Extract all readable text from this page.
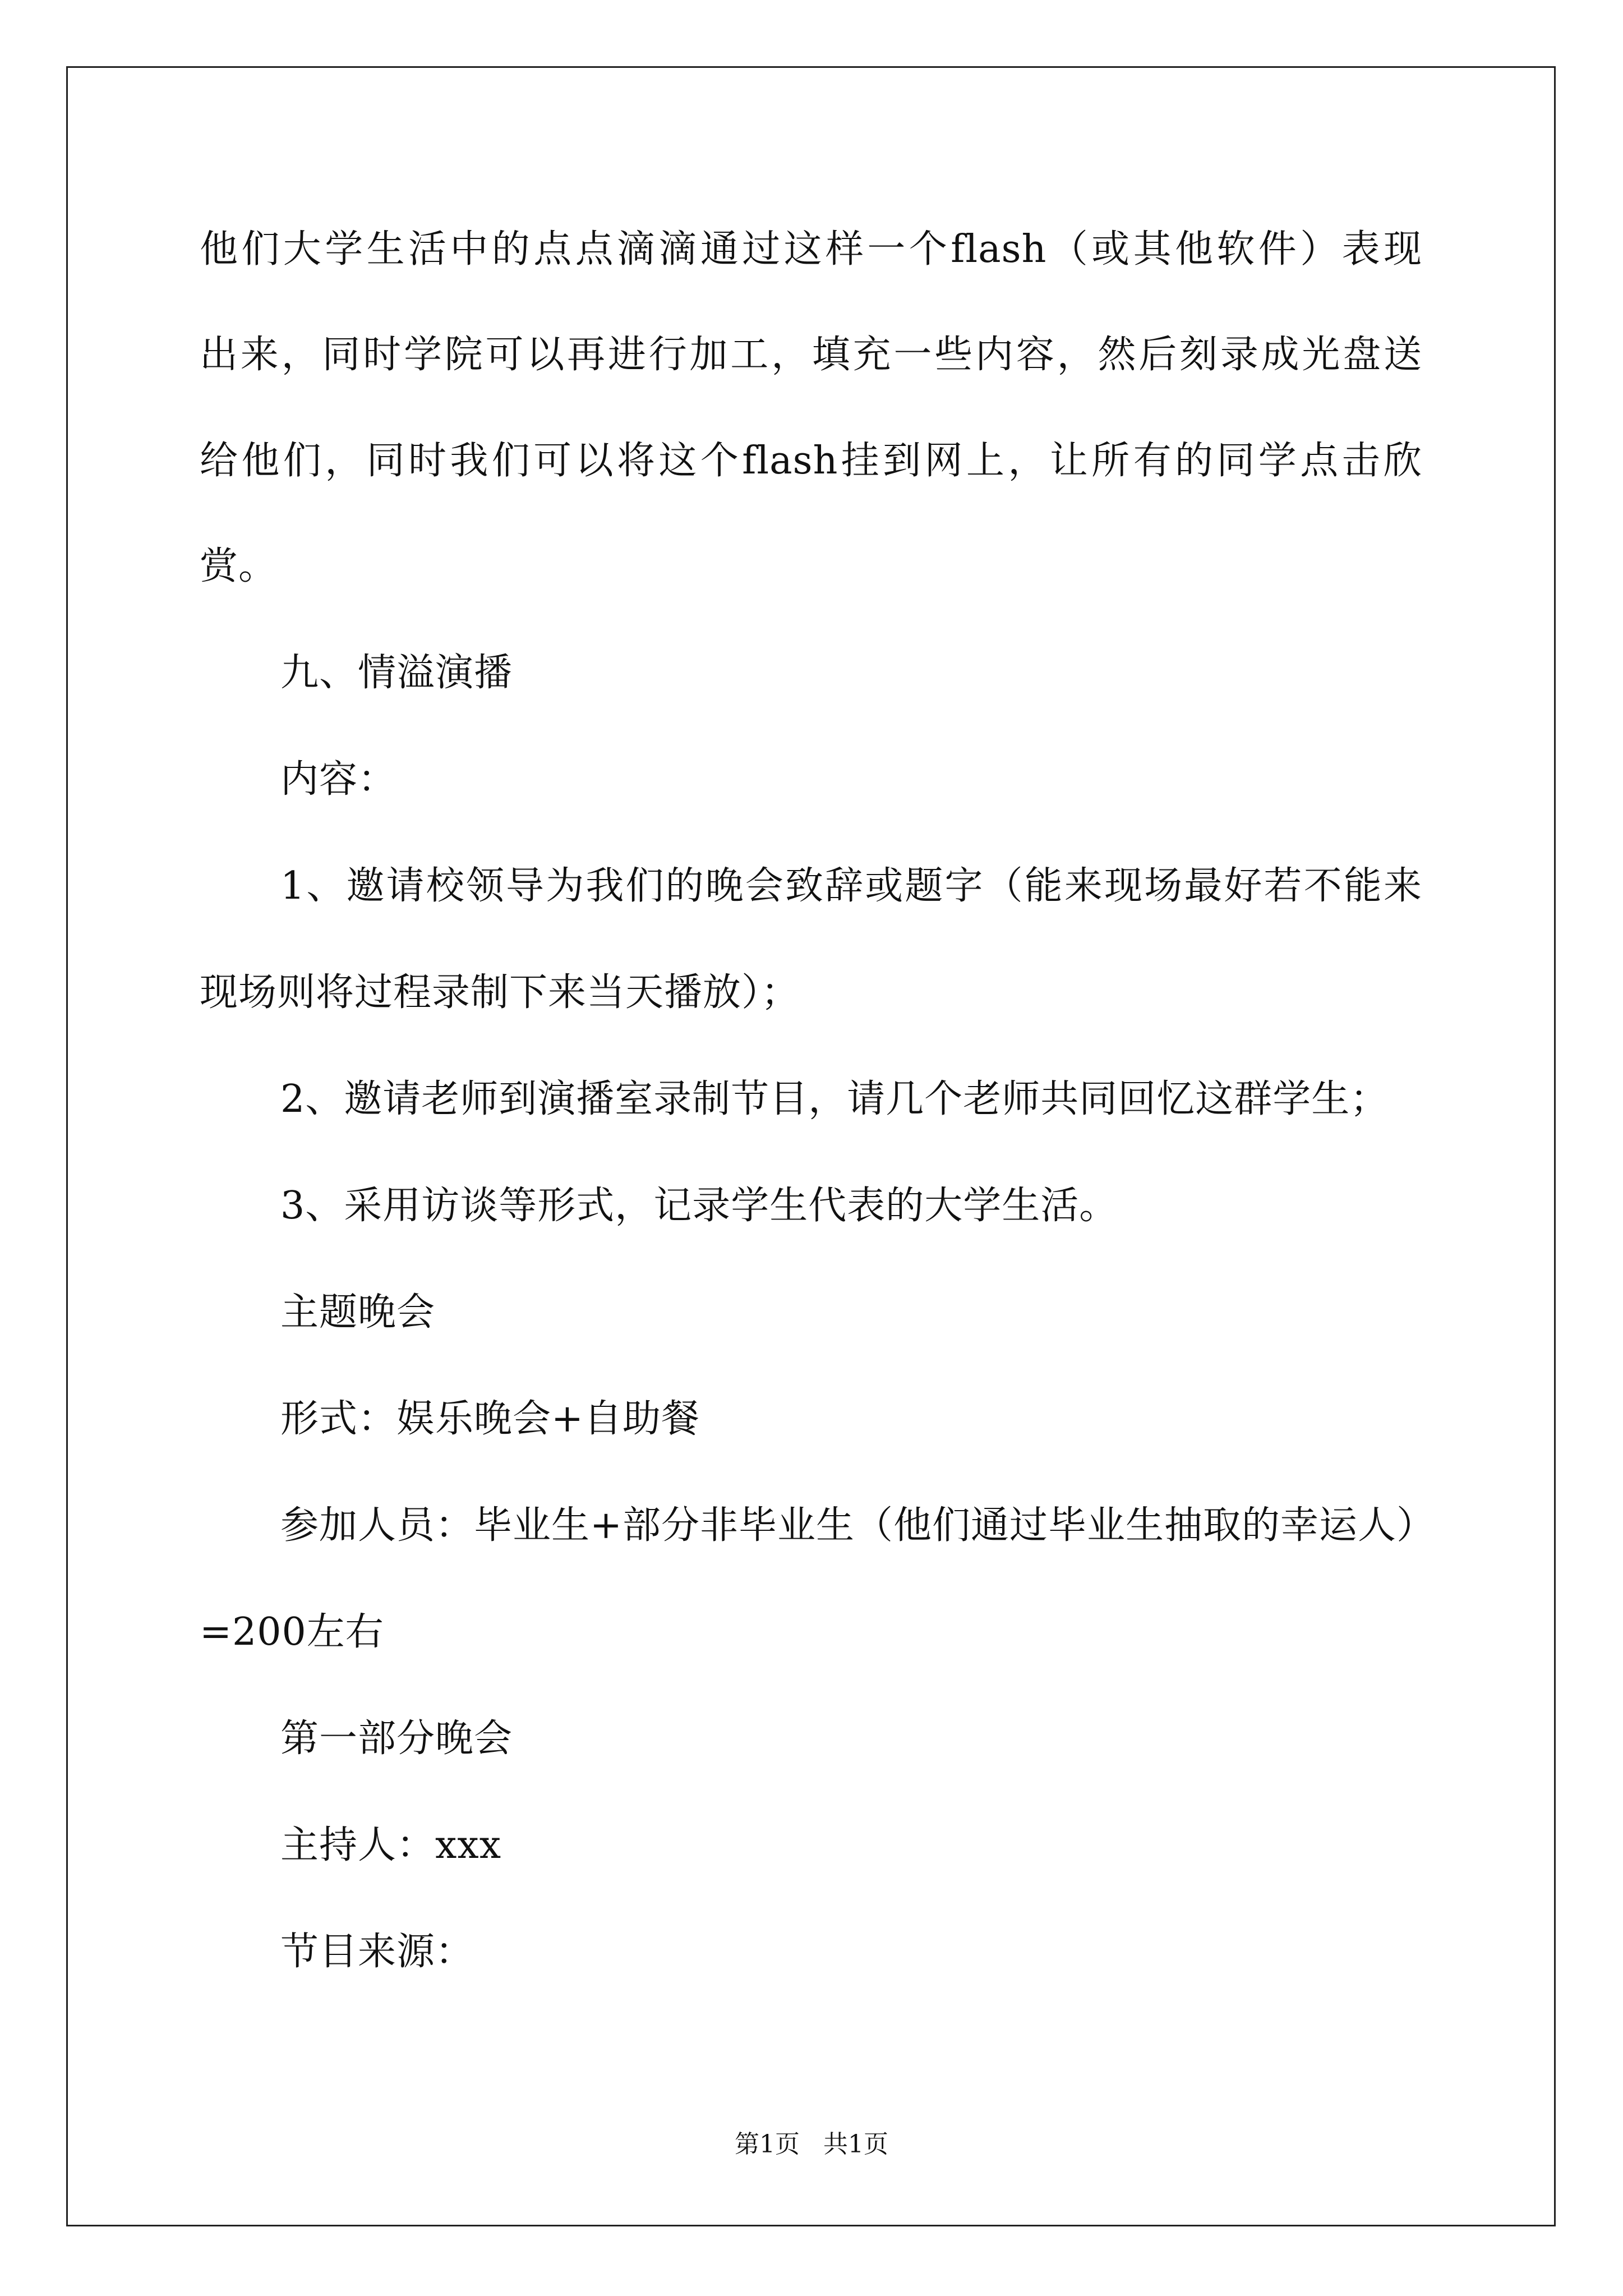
他们大学生活中的点点滴滴通过这样一个flash（或其他软件）表现
出来，同时学院可以再进行加工，填充一些内容，然后刻录成光盘送
给他们，同时我们可以将这个flash挂到网上，让所有的同学点击欣
赏。
九、情溢演播
内容：
1、邀请校领导为我们的晚会致辞或题字（能来现场最好若不能来
现场则将过程录制下来当天播放）；
2、邀请老师到演播室录制节目，请几个老师共同回忆这群学生；
3、采用访谈等形式，记录学生代表的大学生活。
主题晚会
形式：娱乐晚会+自助餐
参加人员：毕业生+部分非毕业生（他们通过毕业生抽取的幸运人）
=200左右
第一部分晚会
主持人：xxx
节目来源：
第1页   共1页
